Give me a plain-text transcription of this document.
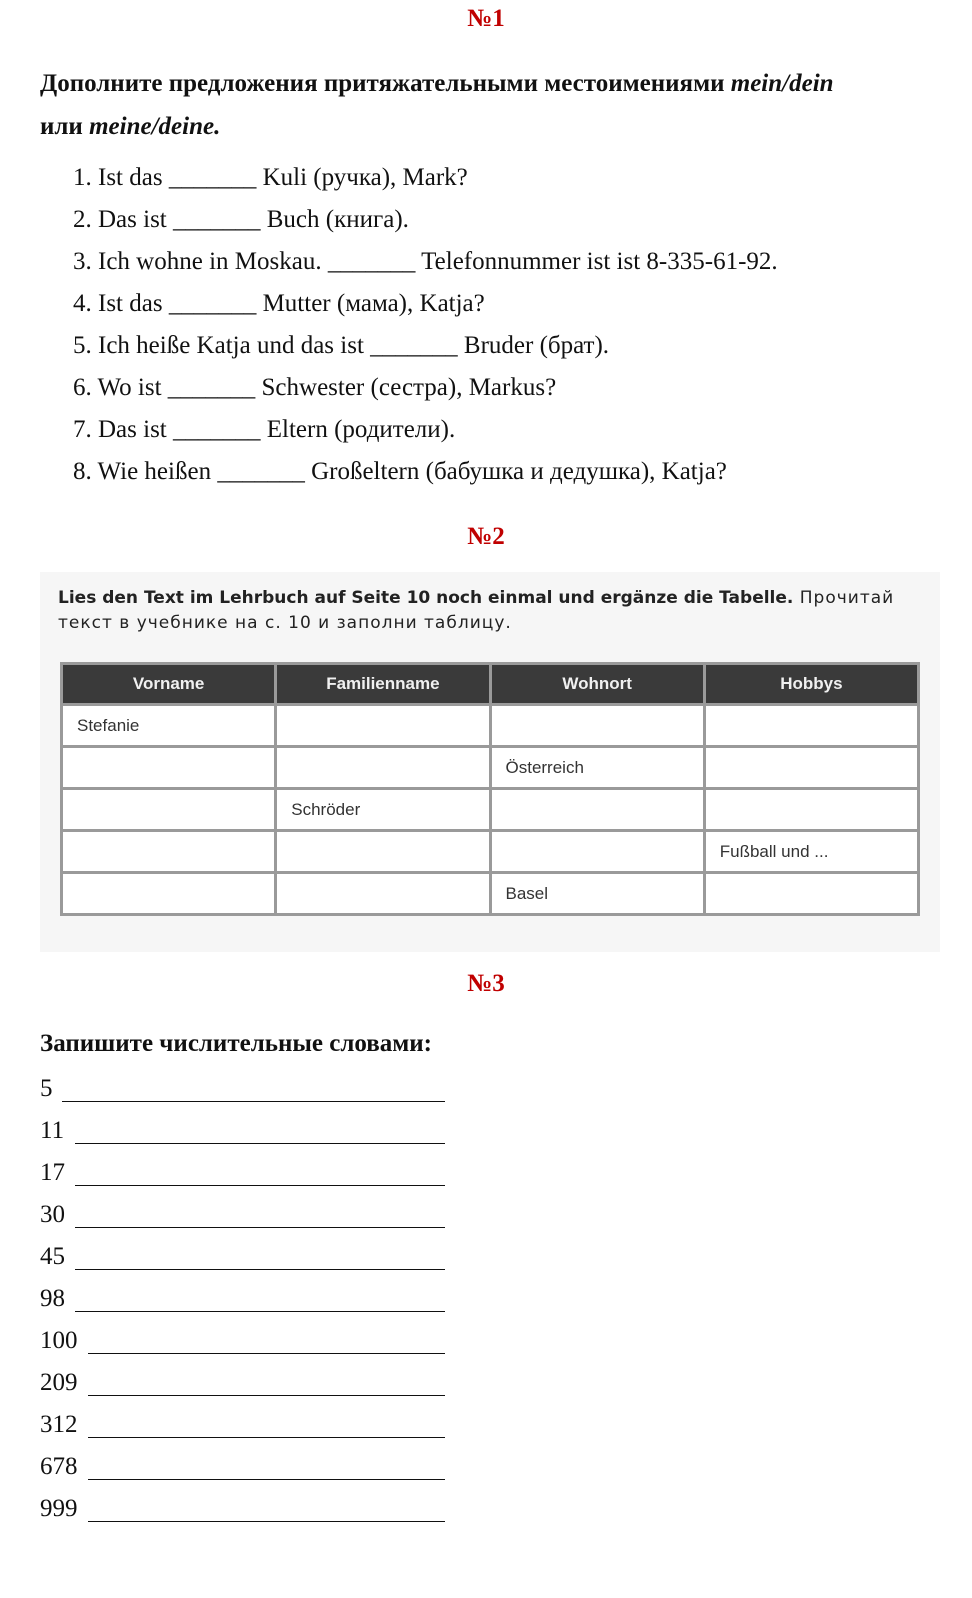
№1
Дополните предложения притяжательными местоимениями mein/dein
или meine/deine.
1. Ist das _______ Kuli (ручка), Mark?
2. Das ist _______ Buch (книга).
3. Ich wohne in Moskau. _______ Telefonnummer ist ist 8-335-61-92.
4. Ist das _______ Mutter (мама), Katja?
5. Ich heiße Katja und das ist _______ Bruder (брат).
6. Wo ist _______ Schwester (сестра), Markus?
7. Das ist _______ Eltern (родители).
8. Wie heißen _______ Großeltern (бабушка и дедушка), Katja?
№2
Lies den Text im Lehrbuch auf Seite 10 noch einmal und ergänze die Tabelle. Прочитай текст в учебнике на с. 10 и заполни таблицу.
Vorname	Familienname	Wohnort	Hobbys
Stefanie			
		Österreich	
	Schröder		
			Fußball und ...
		Basel	
№3
Запишите числительные словами:
5
11
17
30
45
98
100
209
312
678
999
